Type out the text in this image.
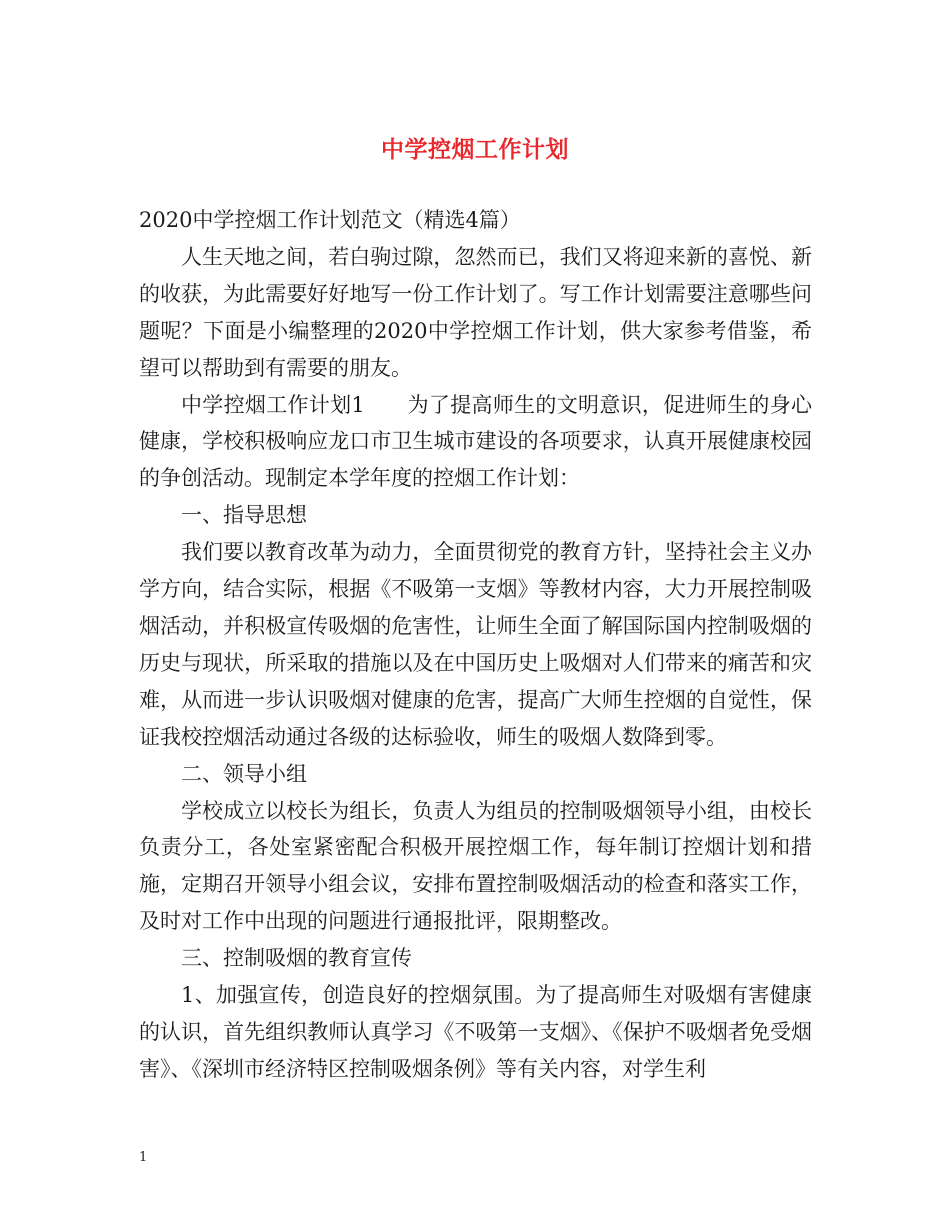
中学控烟工作计划

2020中学控烟工作计划范文（精选4篇）

人生天地之间，若白驹过隙，忽然而已，我们又将迎来新的喜悦、新的收获，为此需要好好地写一份工作计划了。写工作计划需要注意哪些问题呢？下面是小编整理的2020中学控烟工作计划，供大家参考借鉴，希望可以帮助到有需要的朋友。

中学控烟工作计划1　　为了提高师生的文明意识，促进师生的身心健康，学校积极响应龙口市卫生城市建设的各项要求，认真开展健康校园的争创活动。现制定本学年度的控烟工作计划：

一、指导思想

我们要以教育改革为动力，全面贯彻党的教育方针，坚持社会主义办学方向，结合实际，根据《不吸第一支烟》等教材内容，大力开展控制吸烟活动，并积极宣传吸烟的危害性，让师生全面了解国际国内控制吸烟的历史与现状，所采取的措施以及在中国历史上吸烟对人们带来的痛苦和灾难，从而进一步认识吸烟对健康的危害，提高广大师生控烟的自觉性，保证我校控烟活动通过各级的达标验收，师生的吸烟人数降到零。

二、领导小组

学校成立以校长为组长，负责人为组员的控制吸烟领导小组，由校长负责分工，各处室紧密配合积极开展控烟工作，每年制订控烟计划和措施，定期召开领导小组会议，安排布置控制吸烟活动的检查和落实工作，及时对工作中出现的问题进行通报批评，限期整改。

三、控制吸烟的教育宣传

1、加强宣传，创造良好的控烟氛围。为了提高师生对吸烟有害健康的认识，首先组织教师认真学习《不吸第一支烟》、《保护不吸烟者免受烟害》、《深圳市经济特区控制吸烟条例》等有关内容，对学生利

1
